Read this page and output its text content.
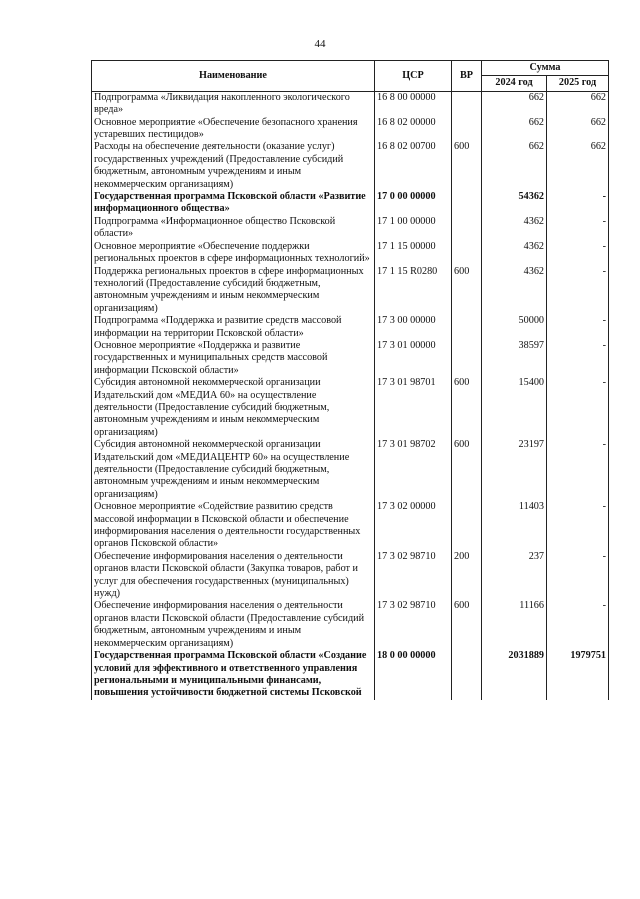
44
Наименование	ЦСР	ВР	Сумма	
			2024 год	2025 год
Подпрограмма «Ликвидация накопленного экологического вреда»	16 8 00 00000		662	662
Основное мероприятие «Обеспечение безопасного хранения устаревших пестицидов»	16 8 02 00000		662	662
Расходы на обеспечение деятельности (оказание услуг) государственных учреждений (Предоставление субсидий бюджетным, автономным учреждениям и иным некоммерческим организациям)	16 8 02 00700	600	662	662
Государственная программа Псковской области «Развитие информационного общества»	17 0 00 00000		54362	-
Подпрограмма «Информационное общество Псковской области»	17 1 00 00000		4362	-
Основное мероприятие «Обеспечение поддержки региональных проектов в сфере информационных технологий»	17 1 15 00000		4362	-
Поддержка региональных проектов в сфере информационных технологий (Предоставление субсидий бюджетным, автономным учреждениям и иным некоммерческим организациям)	17 1 15 R0280	600	4362	-
Подпрограмма «Поддержка и развитие средств массовой информации на территории Псковской области»	17 3 00 00000		50000	-
Основное мероприятие «Поддержка и развитие государственных и муниципальных средств массовой информации Псковской области»	17 3 01 00000		38597	-
Субсидия автономной некоммерческой организации Издательский дом «МЕДИА 60» на осуществление деятельности (Предоставление субсидий бюджетным, автономным учреждениям и иным некоммерческим организациям)	17 3 01 98701	600	15400	-
Субсидия автономной некоммерческой организации Издательский дом «МЕДИАЦЕНТР 60» на осуществление деятельности (Предоставление субсидий бюджетным, автономным учреждениям и иным некоммерческим организациям)	17 3 01 98702	600	23197	-
Основное мероприятие «Содействие развитию средств массовой информации в Псковской области и обеспечение информирования населения о деятельности государственных органов Псковской области»	17 3 02 00000		11403	-
Обеспечение информирования населения о деятельности органов власти Псковской области (Закупка товаров, работ и услуг для обеспечения государственных (муниципальных) нужд)	17 3 02 98710	200	237	-
Обеспечение информирования населения о деятельности органов власти Псковской области (Предоставление субсидий бюджетным, автономным учреждениям и иным некоммерческим организациям)	17 3 02 98710	600	11166	-
Государственная программа Псковской области «Создание условий для эффективного и ответственного управления региональными и муниципальными финансами, повышения устойчивости бюджетной системы Псковской	18 0 00 00000		2031889	1979751
